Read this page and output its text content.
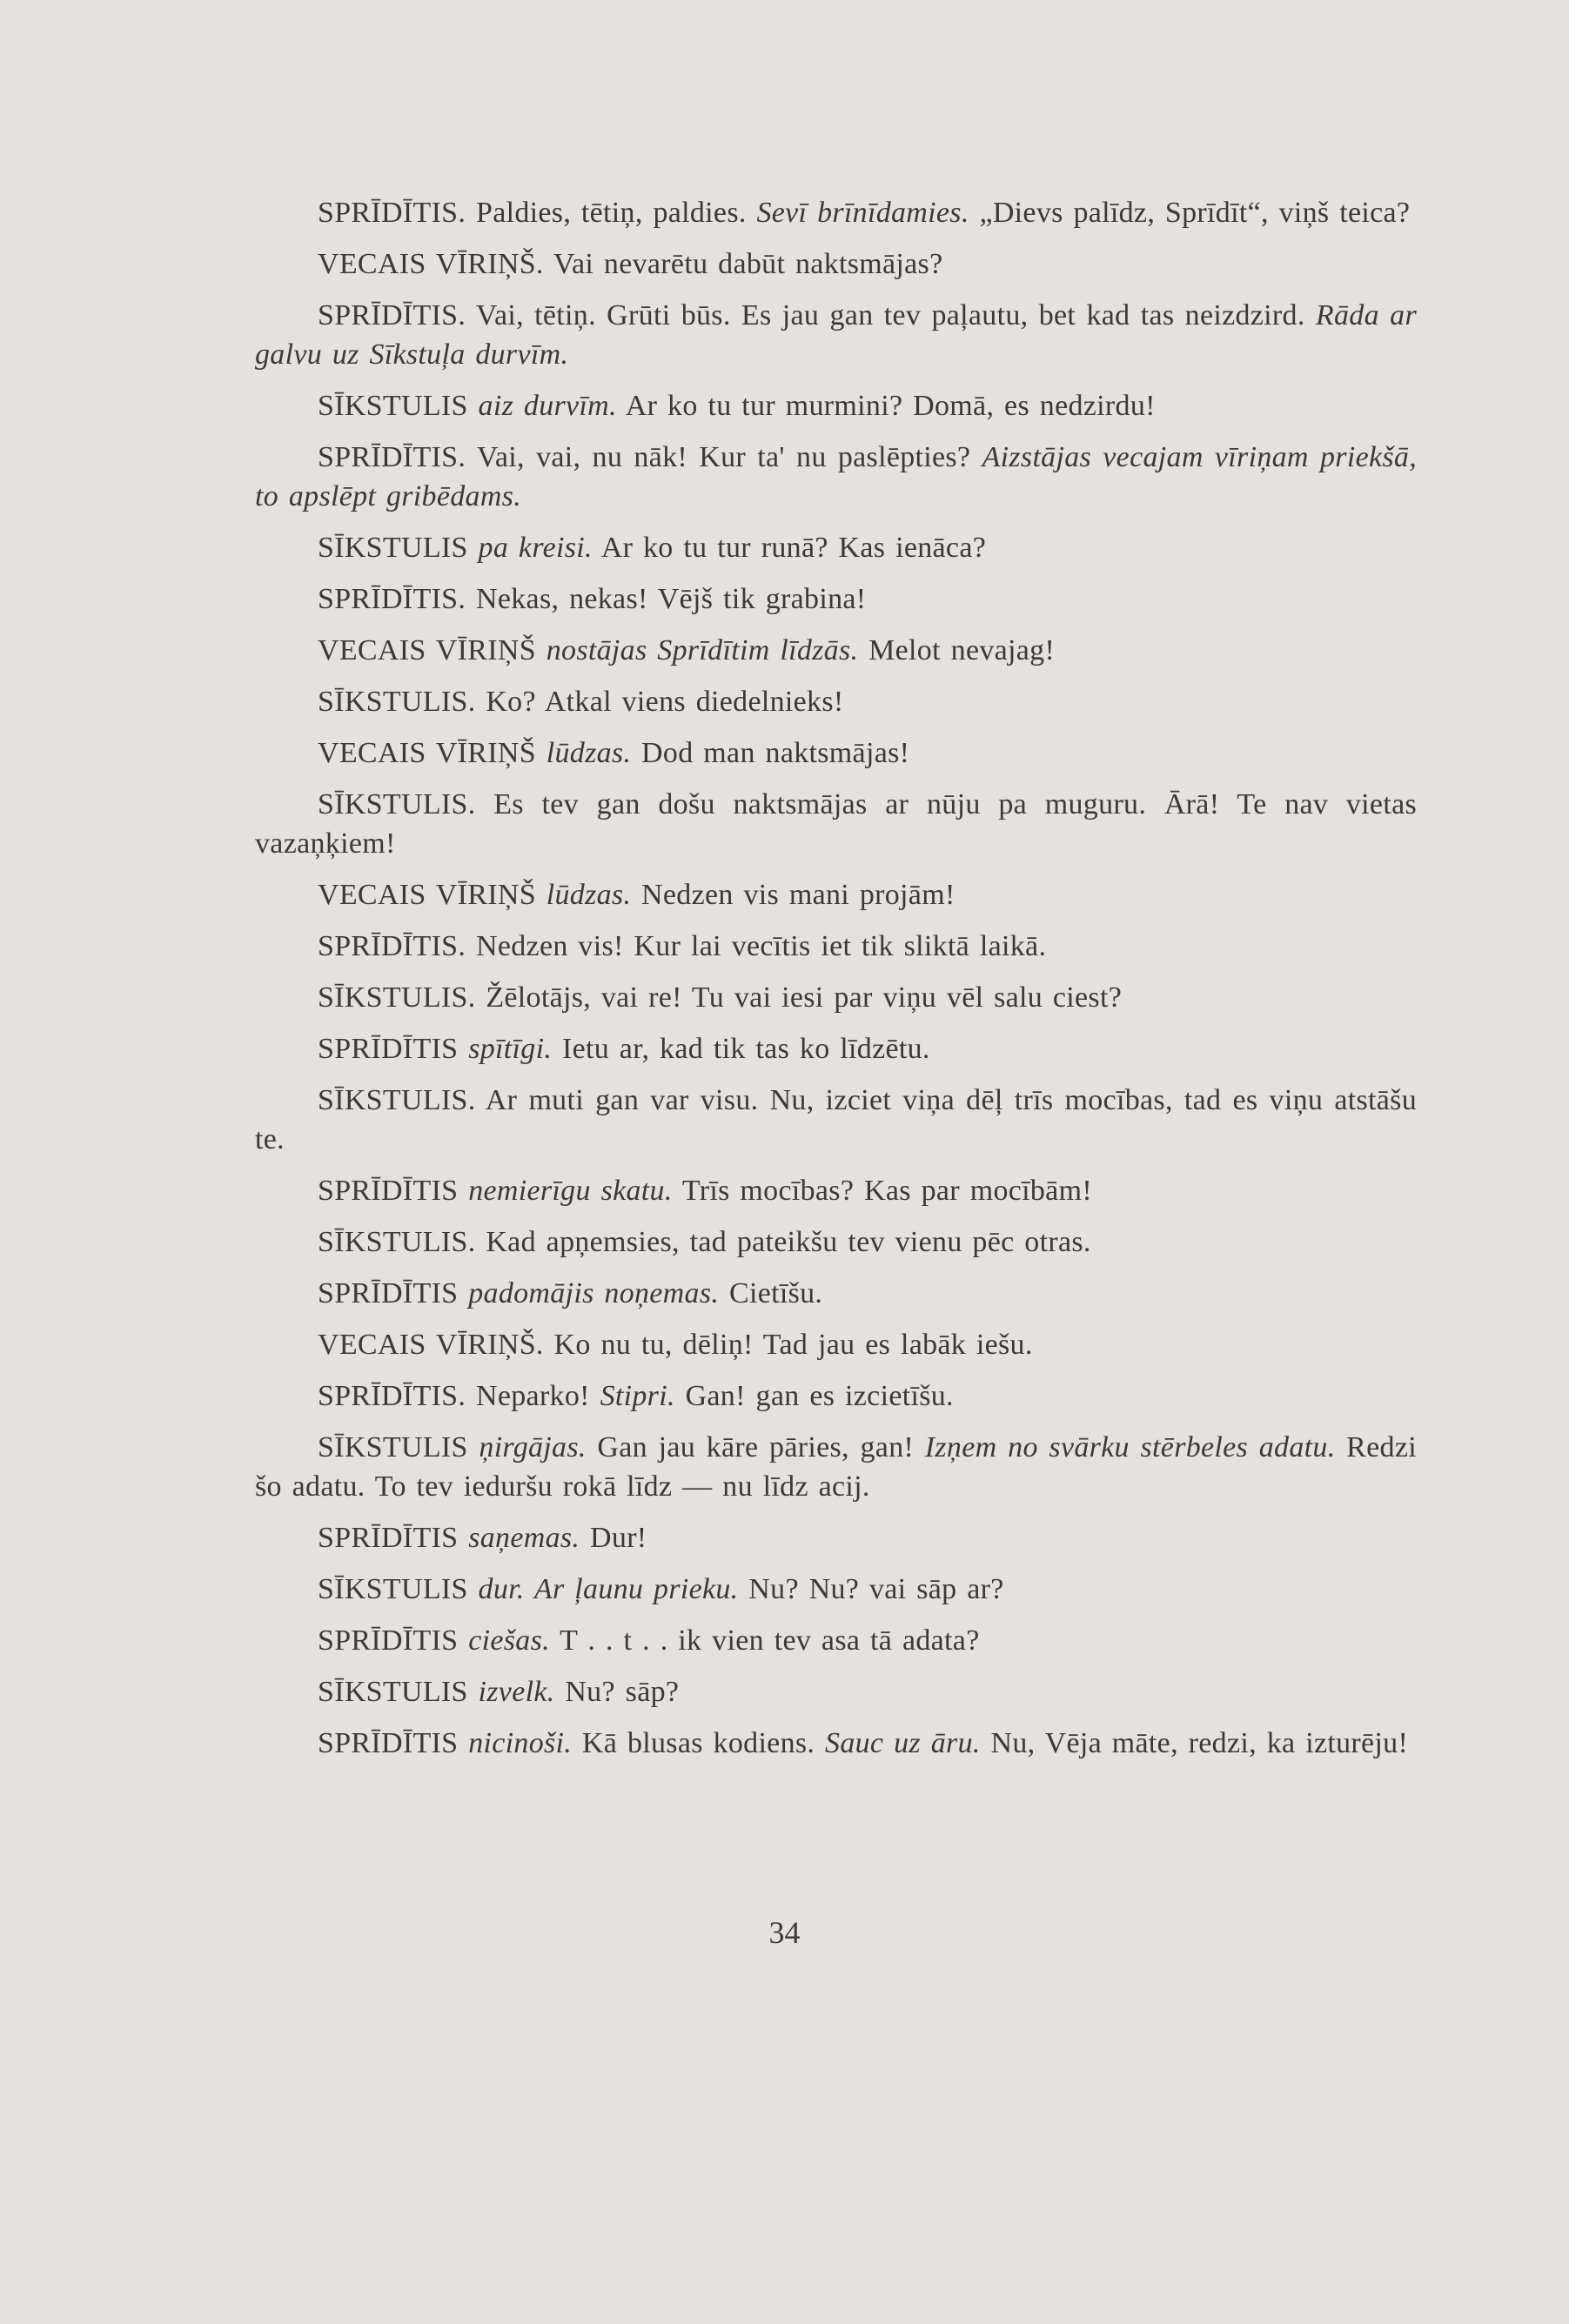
SPRĪDĪTIS. Paldies, tētiņ, paldies. Sevī brīnīdamies. „Dievs palīdz, Sprīdīt“, viņš teica?

VECAIS VĪRIŅŠ. Vai nevarētu dabūt naktsmājas?

SPRĪDĪTIS. Vai, tētiņ. Grūti būs. Es jau gan tev paļautu, bet kad tas neizdzird. Rāda ar galvu uz Sīkstuļa durvīm.

SĪKSTULIS aiz durvīm. Ar ko tu tur murmini? Domā, es nedzirdu!

SPRĪDĪTIS. Vai, vai, nu nāk! Kur ta' nu paslēpties? Aizstājas vecajam vīriņam priekšā, to apslēpt gribēdams.

SĪKSTULIS pa kreisi. Ar ko tu tur runā? Kas ienāca?

SPRĪDĪTIS. Nekas, nekas! Vējš tik grabina!

VECAIS VĪRIŅŠ nostājas Sprīdītim līdzās. Melot nevajag!

SĪKSTULIS. Ko? Atkal viens diedelnieks!

VECAIS VĪRIŅŠ lūdzas. Dod man naktsmājas!

SĪKSTULIS. Es tev gan došu naktsmājas ar nūju pa muguru. Ārā! Te nav vietas vazaņķiem!

VECAIS VĪRIŅŠ lūdzas. Nedzen vis mani projām!

SPRĪDĪTIS. Nedzen vis! Kur lai vecītis iet tik sliktā laikā.

SĪKSTULIS. Žēlotājs, vai re! Tu vai iesi par viņu vēl salu ciest?

SPRĪDĪTIS spītīgi. Ietu ar, kad tik tas ko līdzētu.

SĪKSTULIS. Ar muti gan var visu. Nu, izciet viņa dēļ trīs mocības, tad es viņu atstāšu te.

SPRĪDĪTIS nemierīgu skatu. Trīs mocības? Kas par mocībām!

SĪKSTULIS. Kad apņemsies, tad pateikšu tev vienu pēc otras.

SPRĪDĪTIS padomājis noņemas. Cietīšu.

VECAIS VĪRIŅŠ. Ko nu tu, dēliņ! Tad jau es labāk iešu.

SPRĪDĪTIS. Neparko! Stipri. Gan! gan es izcietīšu.

SĪKSTULIS ņirgājas. Gan jau kāre pāries, gan! Izņem no svārku stērbeles adatu. Redzi šo adatu. To tev ieduršu rokā līdz — nu līdz acij.

SPRĪDĪTIS saņemas. Dur!

SĪKSTULIS dur. Ar ļaunu prieku. Nu? Nu? vai sāp ar?

SPRĪDĪTIS ciešas. T . . t . . ik vien tev asa tā adata?

SĪKSTULIS izvelk. Nu? sāp?

SPRĪDĪTIS nicinoši. Kā blusas kodiens. Sauc uz āru. Nu, Vēja māte, redzi, ka izturēju!

34
